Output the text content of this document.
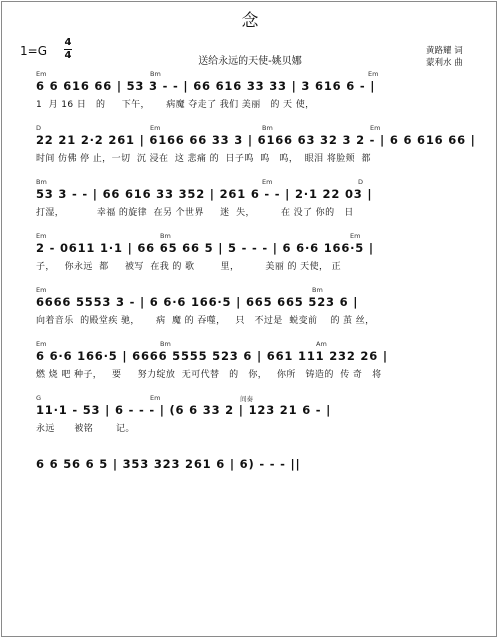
念
1=G
4
4
送给永远的天使-姚贝娜
黄路耀 词
蒙利水 曲
Em	Bm	Em
6 6 616 66 | 53 3 - - | 66 616 33 33 | 3 616 6 - |
1  月 16 日   的     下午，     病魔 夺走了 我们 美丽   的 天 使，
D	Em	Bm	Em
22 21 2·2 261 | 6166 66 33 3 | 6166 63 32 3 2 - | 6 6 616 66 |
时间 仿佛 停 止，一切  沉 浸在  这 悲痛 的  日子呜  呜   呜，  眼泪 将脸颊  都
Bm	Em	D
53 3 - - | 66 616 33 352 | 261 6 - - | 2·1 22 03 |
打湿，          幸福 的旋律  在另 个世界     迷  失，        在 没了 你的   日
Em	Bm	Em
2 - 0611 1·1 | 66 65 66 5 | 5 - - - | 6 6·6 166·5 |
子，   你永远  都     被写  在我 的 歌        里，        美丽 的 天使， 正
Em	Bm
6666 5553 3 - | 6 6·6 166·5 | 665 665 523 6 |
向着音乐  的殿堂疾 驰，     病  魔 的 吞噬，   只   不过是  蜕变前    的 茧 丝，
Em	Bm	Am
6 6·6 166·5 | 6666 5555 523 6 | 661 111 232 26 |
燃 烧 吧 种子，   要     努力绽放  无可代替   的   你，   你所   铸造的  传 奇   将
G	Em	间奏
11·1 - 53 | 6 - - - | (6 6 33 2 | 123 21 6 - |
永远      被铭       记。
6 6 56 6 5 | 353 323 261 6 | 6) - - - ||
